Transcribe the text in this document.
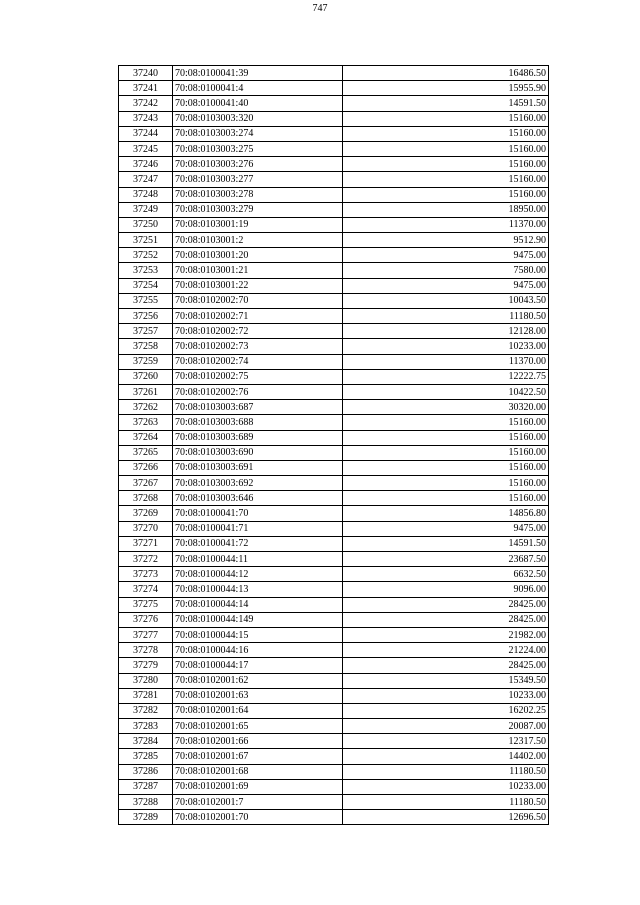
747
37240	70:08:0100041:39	16486.50
37241	70:08:0100041:4	15955.90
37242	70:08:0100041:40	14591.50
37243	70:08:0103003:320	15160.00
37244	70:08:0103003:274	15160.00
37245	70:08:0103003:275	15160.00
37246	70:08:0103003:276	15160.00
37247	70:08:0103003:277	15160.00
37248	70:08:0103003:278	15160.00
37249	70:08:0103003:279	18950.00
37250	70:08:0103001:19	11370.00
37251	70:08:0103001:2	9512.90
37252	70:08:0103001:20	9475.00
37253	70:08:0103001:21	7580.00
37254	70:08:0103001:22	9475.00
37255	70:08:0102002:70	10043.50
37256	70:08:0102002:71	11180.50
37257	70:08:0102002:72	12128.00
37258	70:08:0102002:73	10233.00
37259	70:08:0102002:74	11370.00
37260	70:08:0102002:75	12222.75
37261	70:08:0102002:76	10422.50
37262	70:08:0103003:687	30320.00
37263	70:08:0103003:688	15160.00
37264	70:08:0103003:689	15160.00
37265	70:08:0103003:690	15160.00
37266	70:08:0103003:691	15160.00
37267	70:08:0103003:692	15160.00
37268	70:08:0103003:646	15160.00
37269	70:08:0100041:70	14856.80
37270	70:08:0100041:71	9475.00
37271	70:08:0100041:72	14591.50
37272	70:08:0100044:11	23687.50
37273	70:08:0100044:12	6632.50
37274	70:08:0100044:13	9096.00
37275	70:08:0100044:14	28425.00
37276	70:08:0100044:149	28425.00
37277	70:08:0100044:15	21982.00
37278	70:08:0100044:16	21224.00
37279	70:08:0100044:17	28425.00
37280	70:08:0102001:62	15349.50
37281	70:08:0102001:63	10233.00
37282	70:08:0102001:64	16202.25
37283	70:08:0102001:65	20087.00
37284	70:08:0102001:66	12317.50
37285	70:08:0102001:67	14402.00
37286	70:08:0102001:68	11180.50
37287	70:08:0102001:69	10233.00
37288	70:08:0102001:7	11180.50
37289	70:08:0102001:70	12696.50
